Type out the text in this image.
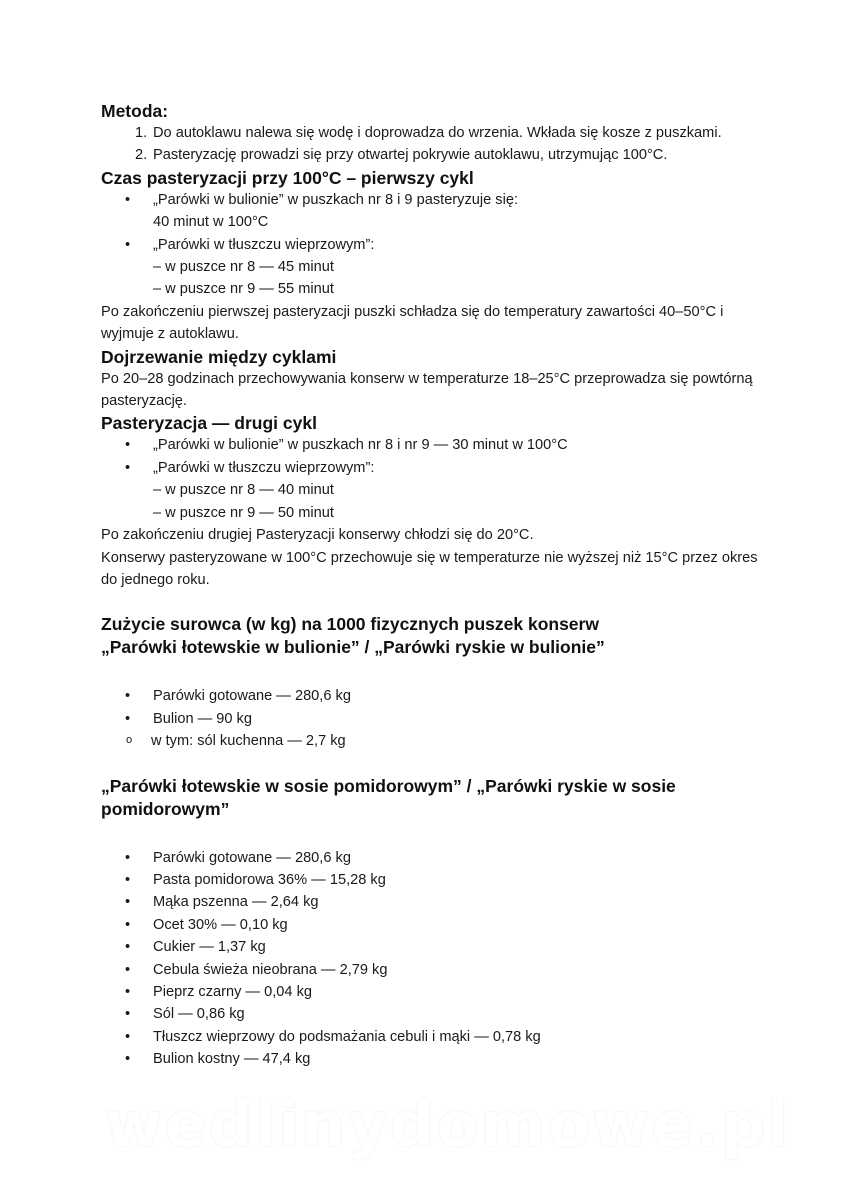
Metoda:

1. Do autoklawu nalewa się wodę i doprowadza do wrzenia. Wkłada się kosze z puszkami.
2. Pasteryzację prowadzi się przy otwartej pokrywie autoklawu, utrzymując 100°C.

Czas pasteryzacji przy 100°C – pierwszy cykl

•
„Parówki w bulionie” w puszkach nr 8 i 9 pasteryzuje się:
40 minut w 100°C
•
„Parówki w tłuszczu wieprzowym”:
– w puszce nr 8 — 45 minut
– w puszce nr 9 — 55 minut

Po zakończeniu pierwszej pasteryzacji puszki schładza się do temperatury zawartości 40–50°C i wyjmuje z autoklawu.

Dojrzewanie między cyklami

Po 20–28 godzinach przechowywania konserw w temperaturze 18–25°C przeprowadza się powtórną pasteryzację.

Pasteryzacja — drugi cykl

•
„Parówki w bulionie” w puszkach nr 8 i nr 9 — 30 minut w 100°C
•
„Parówki w tłuszczu wieprzowym”:
– w puszce nr 8 — 40 minut
– w puszce nr 9 — 50 minut

Po zakończeniu drugiej Pasteryzacji konserwy chłodzi się do 20°C.

Konserwy pasteryzowane w 100°C przechowuje się w temperaturze nie wyższej niż 15°C przez okres do jednego roku.

Zużycie surowca (w kg) na 1000 fizycznych puszek konserw
„Parówki łotewskie w bulionie” / „Parówki ryskie w bulionie”

•
Parówki gotowane — 280,6 kg
•
Bulion — 90 kg
o
w tym: sól kuchenna — 2,7 kg

„Parówki łotewskie w sosie pomidorowym” / „Parówki ryskie w sosie pomidorowym”

•
Parówki gotowane — 280,6 kg
•
Pasta pomidorowa 36% — 15,28 kg
•
Mąka pszenna — 2,64 kg
•
Ocet 30% — 0,10 kg
•
Cukier — 1,37 kg
•
Cebula świeża nieobrana — 2,79 kg
•
Pieprz czarny — 0,04 kg
•
Sól — 0,86 kg
•
Tłuszcz wieprzowy do podsmażania cebuli i mąki — 0,78 kg
•
Bulion kostny — 47,4 kg
wedlinydomowe.pl
